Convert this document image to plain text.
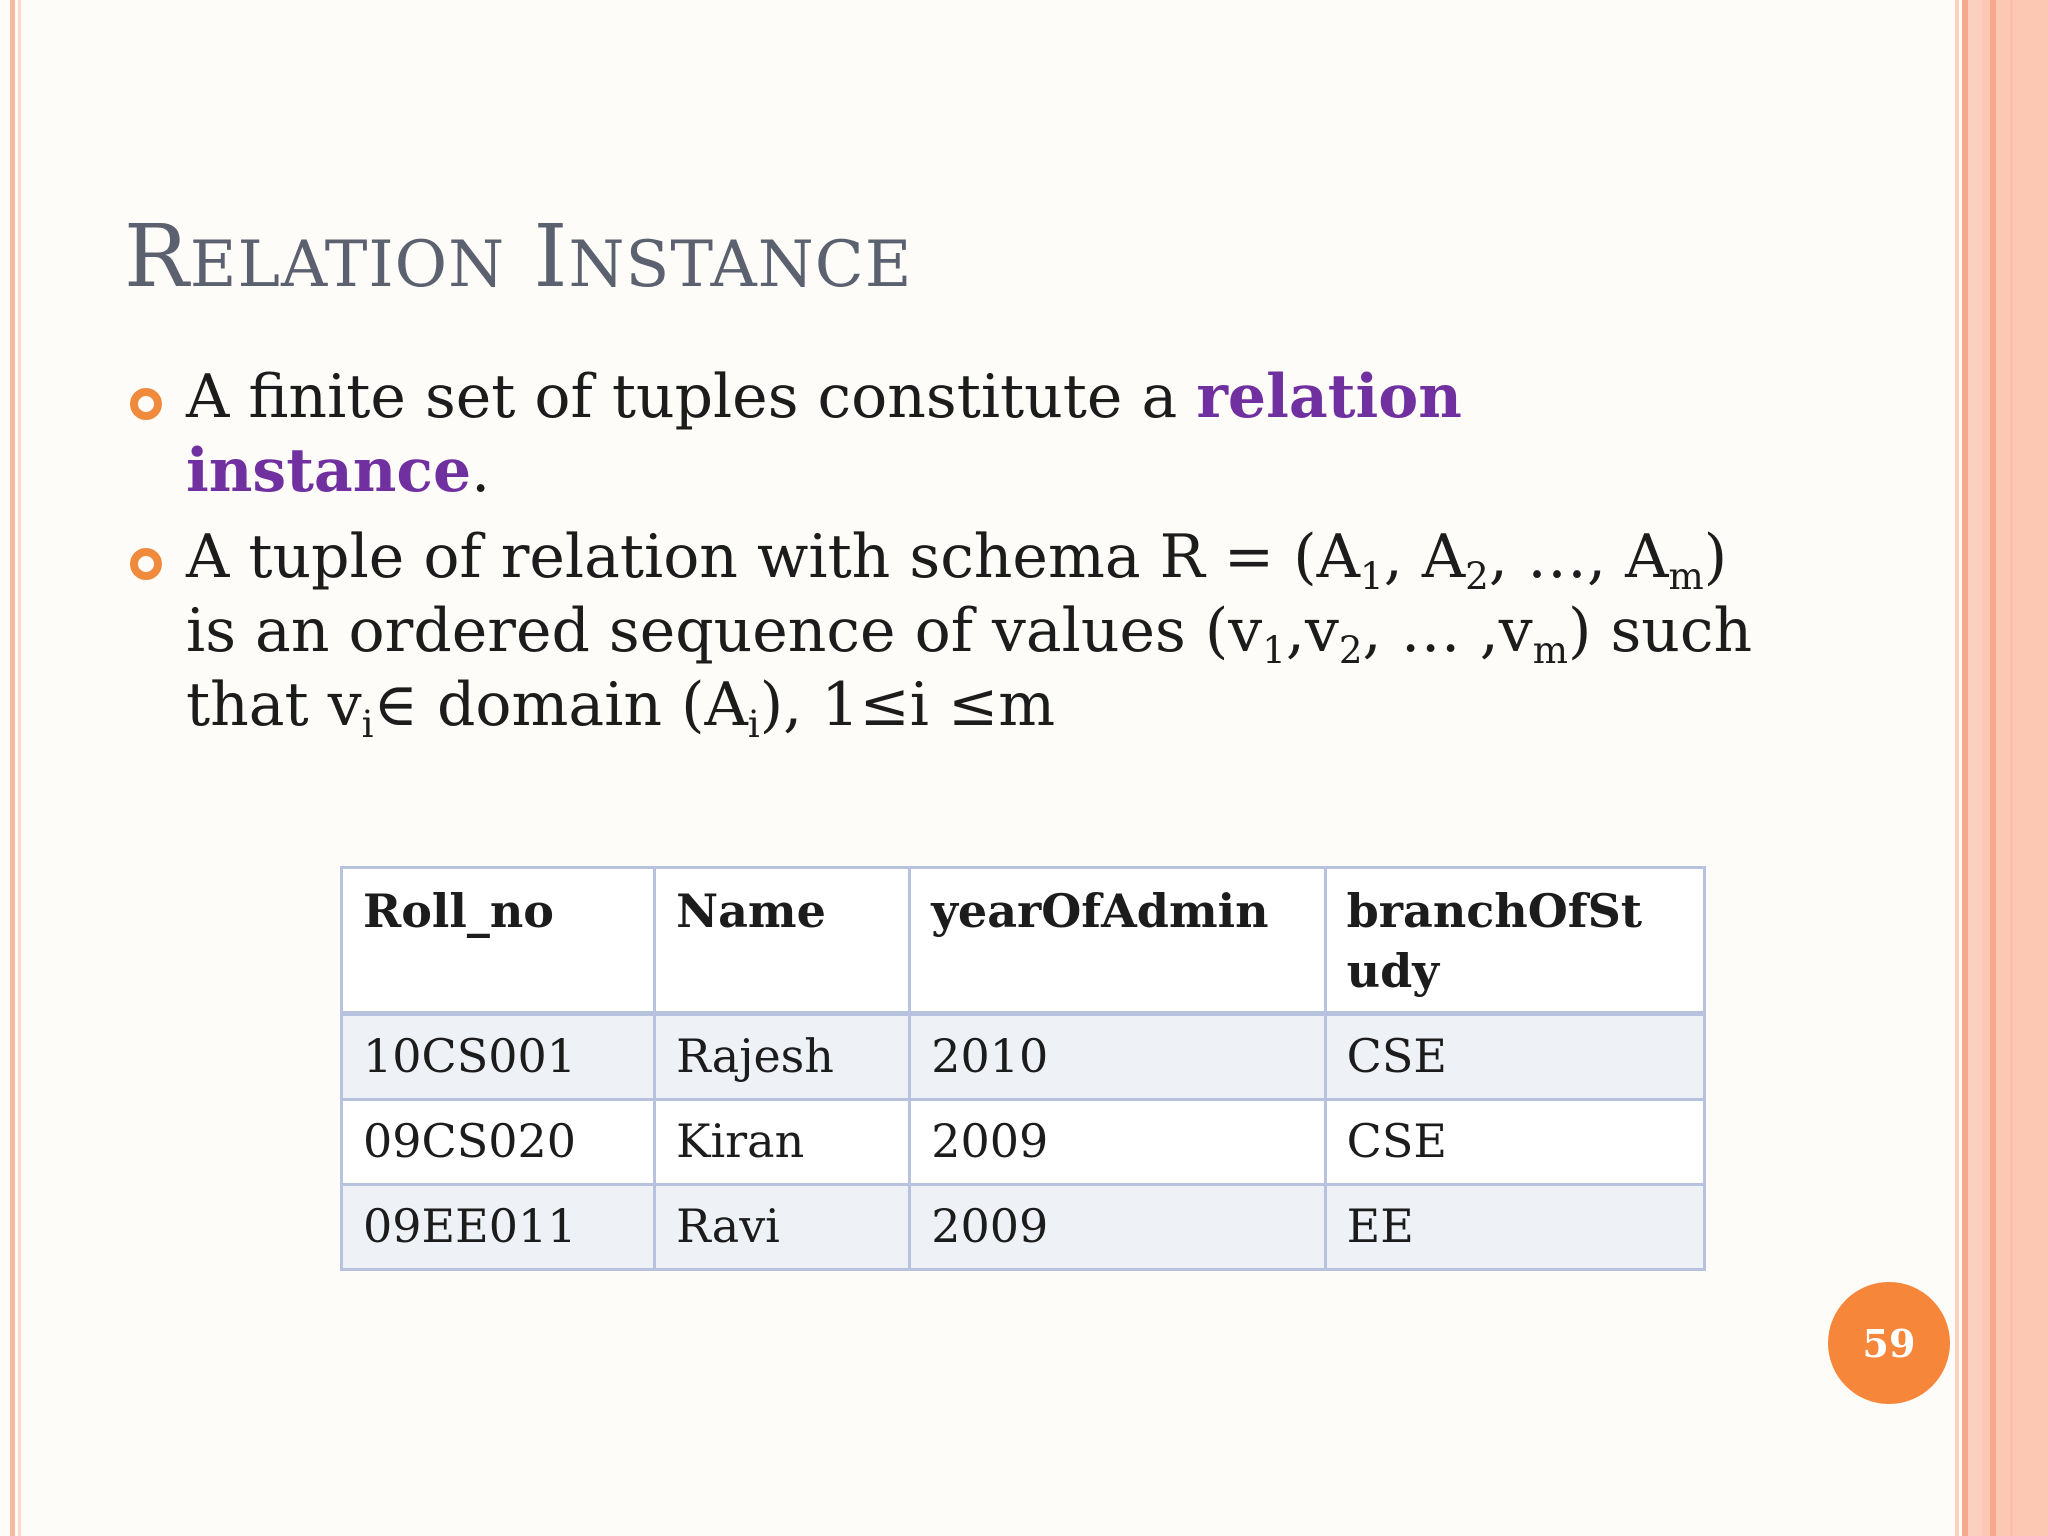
RELATION INSTANCE
A finite set of tuples constitute a relation instance.
A tuple of relation with schema $R = (A_1$, $A_2$, …, $A_m$) is an ordered sequence of values ($v_1,v_2$, … $,v_m$) such that $v_i\in$ domain $(A_i)$, 1≤i ≤m
Roll_no	Name	yearOfAdmin	branchOfSt udy
10CS001	Rajesh	2010	CSE
09CS020	Kiran	2009	CSE
09EE011	Ravi	2009	EE
59
